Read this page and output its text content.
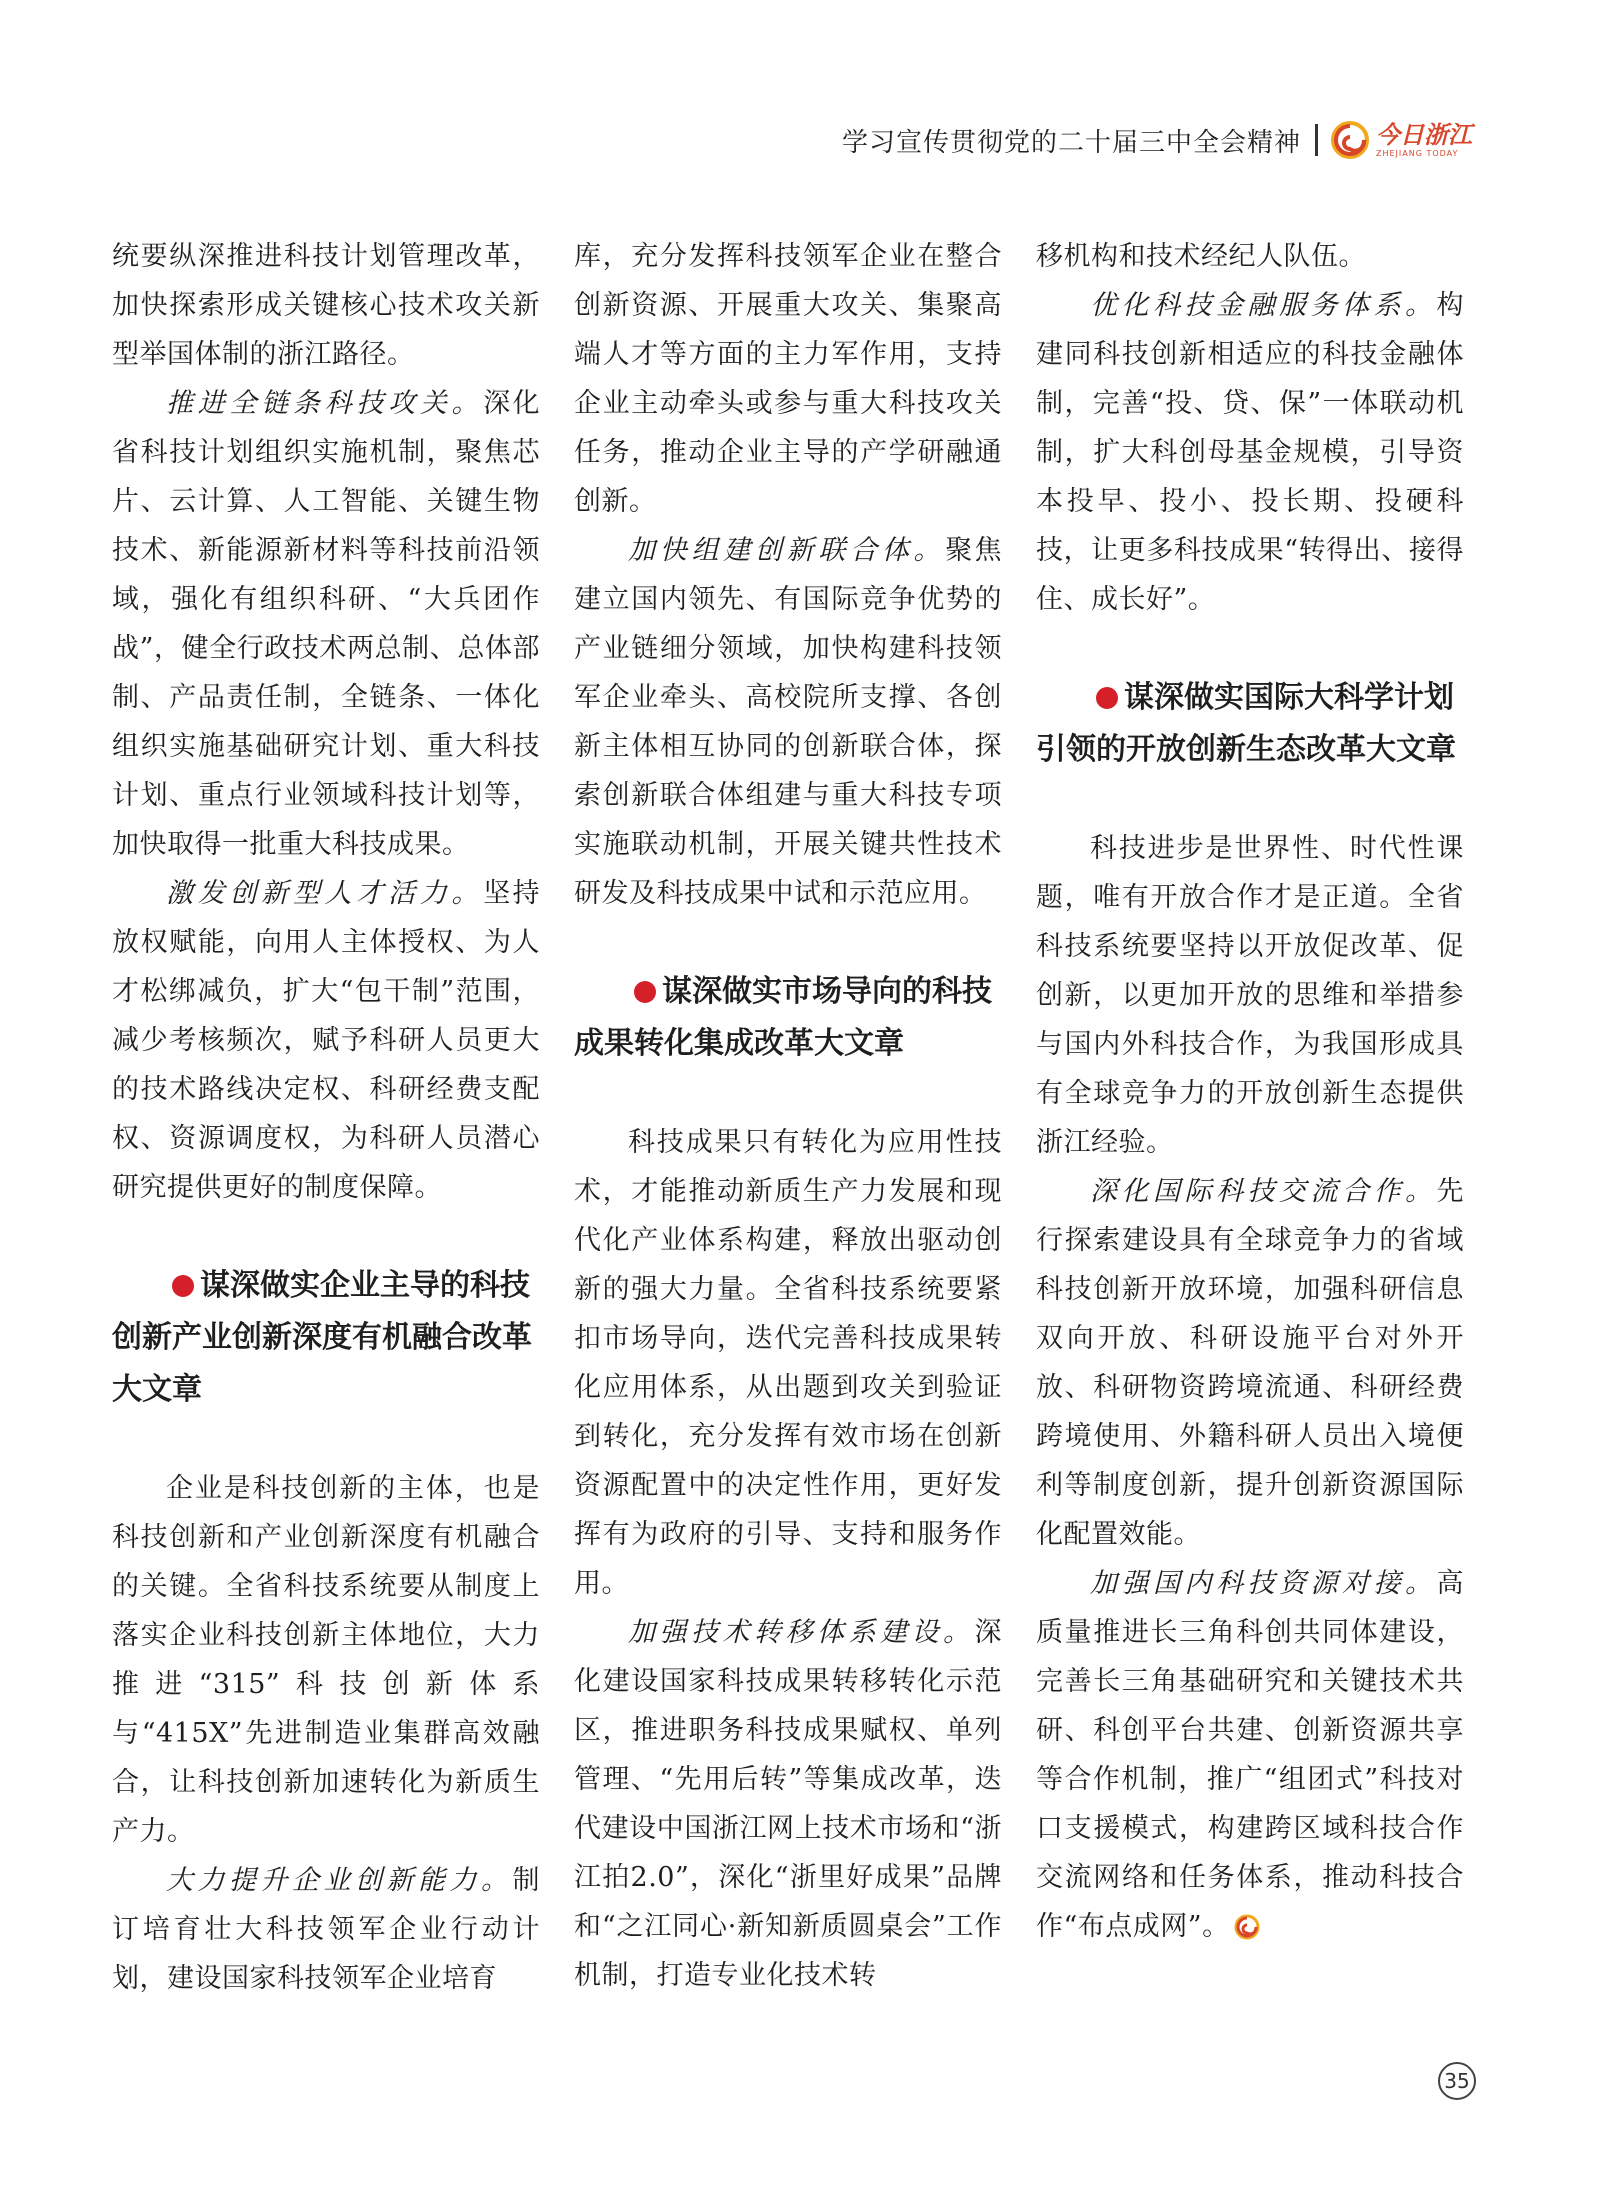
学习宣传贯彻党的二十届三中全会精神	今日浙江
ZHEJIANG TODAY

统要纵深推进科技计划管理改革，加快探索形成关键核心技术攻关新型举国体制的浙江路径。

推进全链条科技攻关。深化省科技计划组织实施机制，聚焦芯片、云计算、人工智能、关键生物技术、新能源新材料等科技前沿领域，强化有组织科研、“大兵团作战”，健全行政技术两总制、总体部制、产品责任制，全链条、一体化组织实施基础研究计划、重大科技计划、重点行业领域科技计划等，加快取得一批重大科技成果。

激发创新型人才活力。坚持放权赋能，向用人主体授权、为人才松绑减负，扩大“包干制”范围，减少考核频次，赋予科研人员更大的技术路线决定权、科研经费支配权、资源调度权，为科研人员潜心研究提供更好的制度保障。

谋深做实企业主导的科技创新产业创新深度有机融合改革大文章

企业是科技创新的主体，也是科技创新和产业创新深度有机融合的关键。全省科技系统要从制度上落实企业科技创新主体地位，大力推进“315”科技创新体系与“415X”先进制造业集群高效融合，让科技创新加速转化为新质生产力。

大力提升企业创新能力。制订培育壮大科技领军企业行动计划，建设国家科技领军企业培育

库，充分发挥科技领军企业在整合创新资源、开展重大攻关、集聚高端人才等方面的主力军作用，支持企业主动牵头或参与重大科技攻关任务，推动企业主导的产学研融通创新。

加快组建创新联合体。聚焦建立国内领先、有国际竞争优势的产业链细分领域，加快构建科技领军企业牵头、高校院所支撑、各创新主体相互协同的创新联合体，探索创新联合体组建与重大科技专项实施联动机制，开展关键共性技术研发及科技成果中试和示范应用。

谋深做实市场导向的科技成果转化集成改革大文章

科技成果只有转化为应用性技术，才能推动新质生产力发展和现代化产业体系构建，释放出驱动创新的强大力量。全省科技系统要紧扣市场导向，迭代完善科技成果转化应用体系，从出题到攻关到验证到转化，充分发挥有效市场在创新资源配置中的决定性作用，更好发挥有为政府的引导、支持和服务作用。

加强技术转移体系建设。深化建设国家科技成果转移转化示范区，推进职务科技成果赋权、单列管理、“先用后转”等集成改革，迭代建设中国浙江网上技术市场和“浙江拍2.0”，深化“浙里好成果”品牌和“之江同心·新知新质圆桌会”工作机制，打造专业化技术转

移机构和技术经纪人队伍。

优化科技金融服务体系。构建同科技创新相适应的科技金融体制，完善“投、贷、保”一体联动机制，扩大科创母基金规模，引导资本投早、投小、投长期、投硬科技，让更多科技成果“转得出、接得住、成长好”。

谋深做实国际大科学计划引领的开放创新生态改革大文章

科技进步是世界性、时代性课题，唯有开放合作才是正道。全省科技系统要坚持以开放促改革、促创新，以更加开放的思维和举措参与国内外科技合作，为我国形成具有全球竞争力的开放创新生态提供浙江经验。

深化国际科技交流合作。先行探索建设具有全球竞争力的省域科技创新开放环境，加强科研信息双向开放、科研设施平台对外开放、科研物资跨境流通、科研经费跨境使用、外籍科研人员出入境便利等制度创新，提升创新资源国际化配置效能。

加强国内科技资源对接。高质量推进长三角科创共同体建设，完善长三角基础研究和关键技术共研、科创平台共建、创新资源共享等合作机制，推广“组团式”科技对口支援模式，构建跨区域科技合作交流网络和任务体系，推动科技合作“布点成网”。

35
